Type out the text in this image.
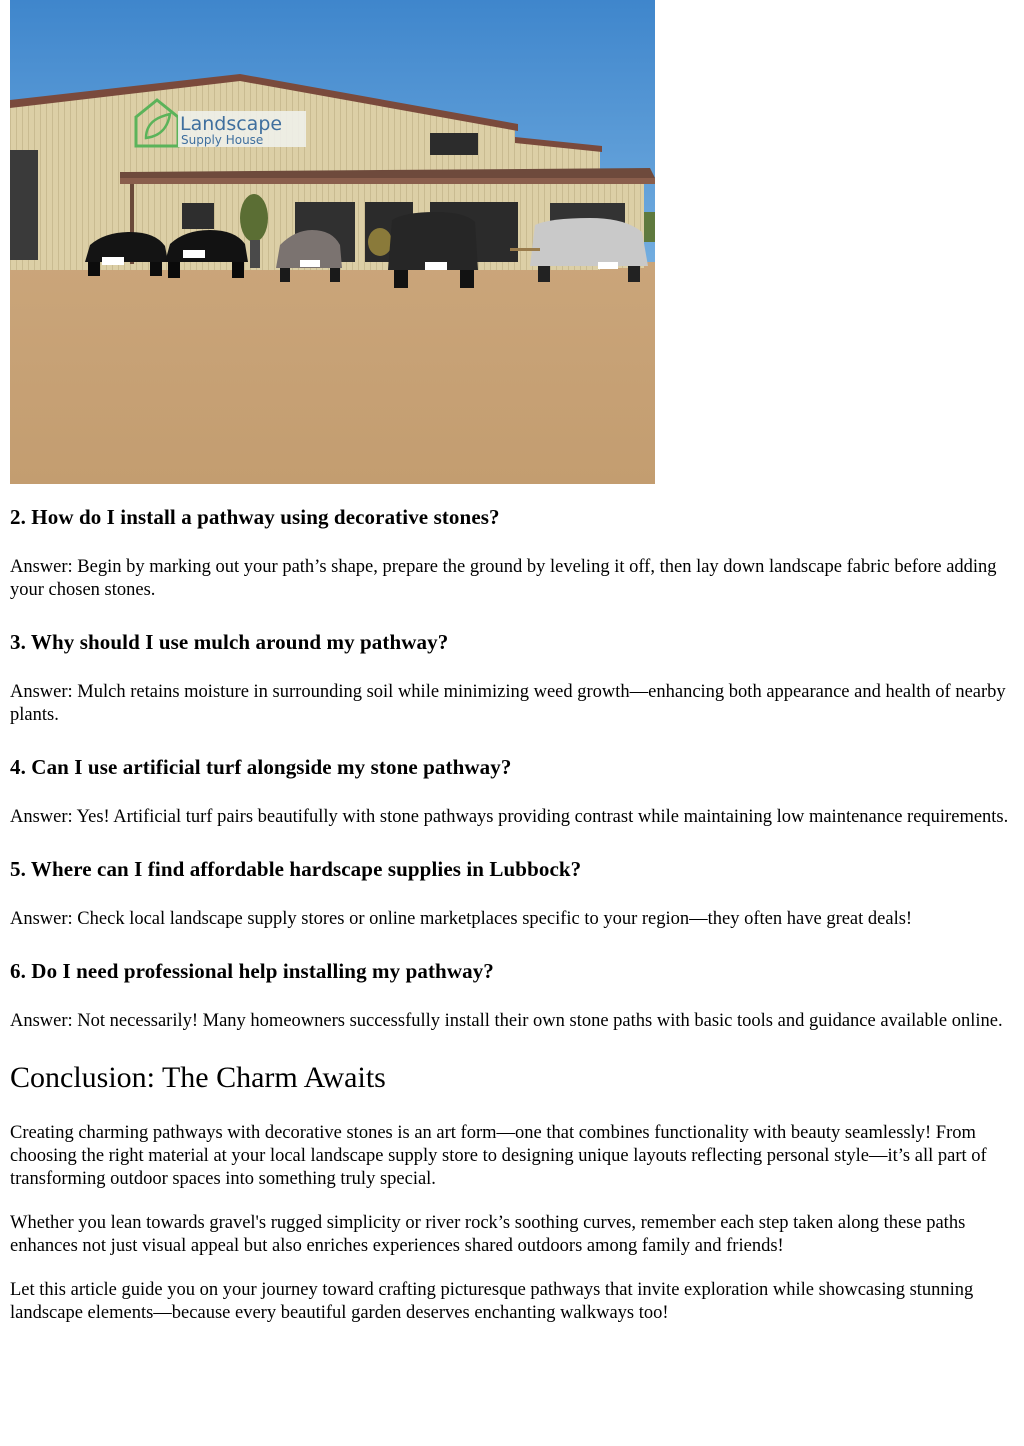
Landscape
Supply House
2. How do I install a pathway using decorative stones?

Answer: Begin by marking out your path’s shape, prepare the ground by leveling it off, then lay down landscape fabric before adding your chosen stones.

3. Why should I use mulch around my pathway?

Answer: Mulch retains moisture in surrounding soil while minimizing weed growth—enhancing both appearance and health of nearby plants.

4. Can I use artificial turf alongside my stone pathway?

Answer: Yes! Artificial turf pairs beautifully with stone pathways providing contrast while maintaining low maintenance requirements.

5. Where can I find affordable hardscape supplies in Lubbock?

Answer: Check local landscape supply stores or online marketplaces specific to your region—they often have great deals!

6. Do I need professional help installing my pathway?

Answer: Not necessarily! Many homeowners successfully install their own stone paths with basic tools and guidance available online.

Conclusion: The Charm Awaits

Creating charming pathways with decorative stones is an art form—one that combines functionality with beauty seamlessly! From choosing the right material at your local landscape supply store to designing unique layouts reflecting personal style—it’s all part of transforming outdoor spaces into something truly special.

Whether you lean towards gravel's rugged simplicity or river rock’s soothing curves, remember each step taken along these paths enhances not just visual appeal but also enriches experiences shared outdoors among family and friends!

Let this article guide you on your journey toward crafting picturesque pathways that invite exploration while showcasing stunning landscape elements—because every beautiful garden deserves enchanting walkways too!
